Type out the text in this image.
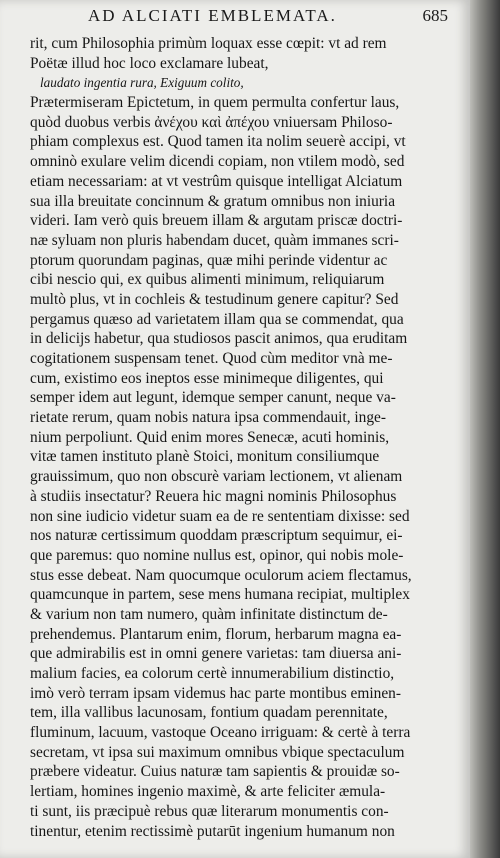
AD ALCIATI EMBLEMATA.	685
rit, cum Philosophia primùm loquax esse cœpit: vt ad rem
Poëtæ illud hoc loco exclamare lubeat,
laudato ingentia rura, Exiguum colito,
Prætermiseram Epictetum, in quem permulta confertur laus,
quòd duobus verbis ἀνέχου καὶ ἀπέχου vniuersam Philoso-
phiam complexus est. Quod tamen ita nolim seuerè accipi, vt
omninò exulare velim dicendi copiam, non vtilem modò, sed
etiam necessariam: at vt vestrûm quisque intelligat Alciatum
sua illa breuitate concinnum & gratum omnibus non iniuria
videri. Iam verò quis breuem illam & argutam priscæ doctri-
næ syluam non pluris habendam ducet, quàm immanes scri-
ptorum quorundam paginas, quæ mihi perinde videntur ac
cibi nescio qui, ex quibus alimenti minimum, reliquiarum
multò plus, vt in cochleis & testudinum genere capitur? Sed
pergamus quæso ad varietatem illam qua se commendat, qua
in delicijs habetur, qua studiosos pascit animos, qua eruditam
cogitationem suspensam tenet. Quod cùm meditor vnà me-
cum, existimo eos ineptos esse minimeque diligentes, qui
semper idem aut legunt, idemque semper canunt, neque va-
rietate rerum, quam nobis natura ipsa commendauit, inge-
nium perpoliunt. Quid enim mores Senecæ, acuti hominis,
vitæ tamen instituto planè Stoici, monitum consiliumque
grauissimum, quo non obscurè variam lectionem, vt alienam
à studiis insectatur? Reuera hic magni nominis Philosophus
non sine iudicio videtur suam ea de re sententiam dixisse: sed
nos naturæ certissimum quoddam præscriptum sequimur, ei-
que paremus: quo nomine nullus est, opinor, qui nobis mole-
stus esse debeat. Nam quocumque oculorum aciem flectamus,
quamcunque in partem, sese mens humana recipiat, multiplex
& varium non tam numero, quàm infinitate distinctum de-
prehendemus. Plantarum enim, florum, herbarum magna ea-
que admirabilis est in omni genere varietas: tam diuersa ani-
malium facies, ea colorum certè innumerabilium distinctio,
imò verò terram ipsam videmus hac parte montibus eminen-
tem, illa vallibus lacunosam, fontium quadam perennitate,
fluminum, lacuum, vastoque Oceano irriguam: & certè à terra
secretam, vt ipsa sui maximum omnibus vbique spectaculum
præbere videatur. Cuius naturæ tam sapientis & prouidæ so-
lertiam, homines ingenio maximè, & arte feliciter æmula-
ti sunt, iis præcipuè rebus quæ literarum monumentis con-
tinentur, etenim rectissimè putarūt ingenium humanum non
